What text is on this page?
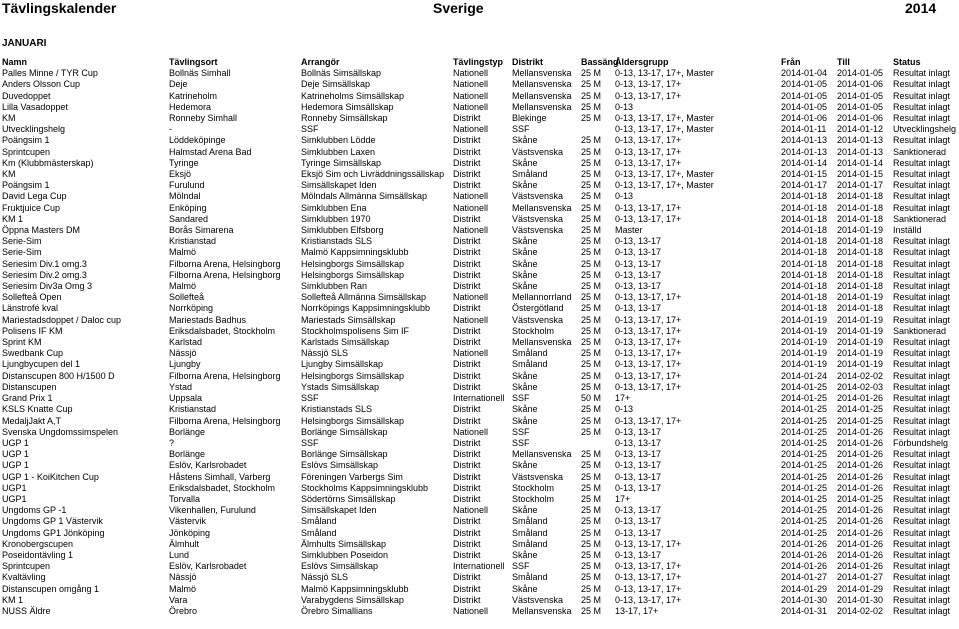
Tävlingskalender	Sverige	2014
JANUARI
Namn	Tävlingsort	Arrangör	Tävlingstyp	Distrikt	Bassäng	Åldersgrupp	Från	Till	Status
Palles Minne / TYR Cup	Bollnäs Simhall	Bollnäs Simsällskap	Nationell	Mellansvenska	25 M	0-13, 13-17, 17+, Master	2014-01-04	2014-01-05	Resultat inlagt
Anders Olsson Cup	Deje	Deje Simsällskap	Nationell	Mellansvenska	25 M	0-13, 13-17, 17+	2014-01-05	2014-01-06	Resultat inlagt
Duvedoppet	Katrineholm	Katrineholms Simsällskap	Nationell	Mellansvenska	25 M	0-13, 13-17, 17+	2014-01-05	2014-01-05	Resultat inlagt
Lilla Vasadoppet	Hedemora	Hedemora Simsällskap	Nationell	Mellansvenska	25 M	0-13	2014-01-05	2014-01-05	Resultat inlagt
KM	Ronneby Simhall	Ronneby Simsällskap	Distrikt	Blekinge	25 M	0-13, 13-17, 17+, Master	2014-01-06	2014-01-06	Resultat inlagt
Utvecklingshelg	-	SSF	Nationell	SSF		0-13, 13-17, 17+, Master	2014-01-11	2014-01-12	Utvecklingshelg
Poängsim 1	Löddeköpinge	Simklubben Lödde	Distrikt	Skåne	25 M	0-13, 13-17, 17+	2014-01-13	2014-01-13	Resultat inlagt
Sprintcupen	Halmstad Arena Bad	Simklubben Laxen	Distrikt	Västsvenska	25 M	0-13, 13-17, 17+	2014-01-13	2014-01-13	Sanktionerad
Km (Klubbmästerskap)	Tyringe	Tyringe Simsällskap	Distrikt	Skåne	25 M	0-13, 13-17, 17+	2014-01-14	2014-01-14	Resultat inlagt
KM	Eksjö	Eksjö Sim och Livräddningssällskap	Distrikt	Småland	25 M	0-13, 13-17, 17+, Master	2014-01-15	2014-01-15	Resultat inlagt
Poängsim 1	Furulund	Simsällskapet Iden	Distrikt	Skåne	25 M	0-13, 13-17, 17+, Master	2014-01-17	2014-01-17	Resultat inlagt
David Lega Cup	Mölndal	Mölndals Allmänna Simsällskap	Nationell	Västsvenska	25 M	0-13	2014-01-18	2014-01-18	Resultat inlagt
Fruktjuice Cup	Enköping	Simklubben Ena	Nationell	Mellansvenska	25 M	0-13, 13-17, 17+	2014-01-18	2014-01-18	Resultat inlagt
KM 1	Sandared	Simklubben 1970	Distrikt	Västsvenska	25 M	0-13, 13-17, 17+	2014-01-18	2014-01-18	Sanktionerad
Öppna Masters DM	Borås Simarena	Simklubben Elfsborg	Nationell	Västsvenska	25 M	Master	2014-01-18	2014-01-19	Inställd
Serie-Sim	Kristianstad	Kristianstads SLS	Distrikt	Skåne	25 M	0-13, 13-17	2014-01-18	2014-01-18	Resultat inlagt
Serie-Sim	Malmö	Malmö Kappsimningsklubb	Distrikt	Skåne	25 M	0-13, 13-17	2014-01-18	2014-01-18	Resultat inlagt
Seriesim Div.1 omg.3	Filborna Arena, Helsingborg	Helsingborgs Simsällskap	Distrikt	Skåne	25 M	0-13, 13-17	2014-01-18	2014-01-18	Resultat inlagt
Seriesim Div.2 omg.3	Filborna Arena, Helsingborg	Helsingborgs Simsällskap	Distrikt	Skåne	25 M	0-13, 13-17	2014-01-18	2014-01-18	Resultat inlagt
Seriesim Div3a Omg 3	Malmö	Simklubben Ran	Distrikt	Skåne	25 M	0-13, 13-17	2014-01-18	2014-01-18	Resultat inlagt
Sollefteå Open	Sollefteå	Sollefteå Allmänna Simsällskap	Nationell	Mellannorrland	25 M	0-13, 13-17, 17+	2014-01-18	2014-01-19	Resultat inlagt
Länstrofé kval	Norrköping	Norrköpings Kappsimningsklubb	Distrikt	Östergötland	25 M	0-13, 13-17	2014-01-18	2014-01-18	Resultat inlagt
Mariestadsdoppet / Daloc cup	Mariestads Badhus	Mariestads Simsällskap	Nationell	Västsvenska	25 M	0-13, 13-17, 17+	2014-01-19	2014-01-19	Resultat inlagt
Polisens IF KM	Eriksdalsbadet, Stockholm	Stockholmspolisens Sim IF	Distrikt	Stockholm	25 M	0-13, 13-17, 17+	2014-01-19	2014-01-19	Sanktionerad
Sprint KM	Karlstad	Karlstads Simsällskap	Distrikt	Mellansvenska	25 M	0-13, 13-17, 17+	2014-01-19	2014-01-19	Resultat inlagt
Swedbank Cup	Nässjö	Nässjö SLS	Nationell	Småland	25 M	0-13, 13-17, 17+	2014-01-19	2014-01-19	Resultat inlagt
Ljungbycupen del 1	Ljungby	Ljungby Simsällskap	Distrikt	Småland	25 M	0-13, 13-17, 17+	2014-01-19	2014-01-19	Resultat inlagt
Distanscupen 800 H/1500 D	Filborna Arena, Helsingborg	Helsingborgs Simsällskap	Distrikt	Skåne	25 M	0-13, 13-17, 17+	2014-01-24	2014-02-02	Resultat inlagt
Distanscupen	Ystad	Ystads Simsällskap	Distrikt	Skåne	25 M	0-13, 13-17, 17+	2014-01-25	2014-02-03	Resultat inlagt
Grand Prix 1	Uppsala	SSF	Internationell	SSF	50 M	17+	2014-01-25	2014-01-26	Resultat inlagt
KSLS Knatte Cup	Kristianstad	Kristianstads SLS	Distrikt	Skåne	25 M	0-13	2014-01-25	2014-01-25	Resultat inlagt
MedaljJakt A,T	Filborna Arena, Helsingborg	Helsingborgs Simsällskap	Distrikt	Skåne	25 M	0-13, 13-17, 17+	2014-01-25	2014-01-25	Resultat inlagt
Svenska Ungdomssimspelen	Borlänge	Borlänge Simsällskap	Nationell	SSF	25 M	0-13, 13-17	2014-01-25	2014-01-26	Resultat inlagt
UGP 1	?	SSF	Distrikt	SSF		0-13, 13-17	2014-01-25	2014-01-26	Förbundshelg
UGP 1	Borlänge	Borlänge Simsällskap	Distrikt	Mellansvenska	25 M	0-13, 13-17	2014-01-25	2014-01-26	Resultat inlagt
UGP 1	Eslöv, Karlsrobadet	Eslövs Simsällskap	Distrikt	Skåne	25 M	0-13, 13-17	2014-01-25	2014-01-26	Resultat inlagt
UGP 1 - KoiKitchen Cup	Håstens Simhall, Varberg	Föreningen Varbergs Sim	Distrikt	Västsvenska	25 M	0-13, 13-17	2014-01-25	2014-01-26	Resultat inlagt
UGP1	Eriksdalsbadet, Stockholm	Stockholms Kappsimningsklubb	Distrikt	Stockholm	25 M	0-13, 13-17	2014-01-25	2014-01-26	Resultat inlagt
UGP1	Torvalla	Södertörns Simsällskap	Distrikt	Stockholm	25 M	17+	2014-01-25	2014-01-25	Resultat inlagt
Ungdoms GP -1	Vikenhallen, Furulund	Simsällskapet Iden	Nationell	Skåne	25 M	0-13, 13-17	2014-01-25	2014-01-26	Resultat inlagt
Ungdoms GP 1 Västervik	Västervik	Småland	Distrikt	Småland	25 M	0-13, 13-17	2014-01-25	2014-01-26	Resultat inlagt
Ungdoms GP1 Jönköping	Jönköping	Småland	Distrikt	Småland	25 M	0-13, 13-17	2014-01-25	2014-01-26	Resultat inlagt
Kronobergscupen	Älmhult	Älmhults Simsällskap	Distrikt	Småland	25 M	0-13, 13-17, 17+	2014-01-26	2014-01-26	Resultat inlagt
Poseidontävling 1	Lund	Simklubben Poseidon	Distrikt	Skåne	25 M	0-13, 13-17	2014-01-26	2014-01-26	Resultat inlagt
Sprintcupen	Eslöv, Karlsrobadet	Eslövs Simsällskap	Internationell	SSF	25 M	0-13, 13-17, 17+	2014-01-26	2014-01-26	Resultat inlagt
Kvaltävling	Nässjö	Nässjö SLS	Distrikt	Småland	25 M	0-13, 13-17, 17+	2014-01-27	2014-01-27	Resultat inlagt
Distanscupen omgång 1	Malmö	Malmö Kappsimningsklubb	Distrikt	Skåne	25 M	0-13, 13-17, 17+	2014-01-29	2014-01-29	Resultat inlagt
KM 1	Vara	Varabygdens Simsällskap	Distrikt	Västsvenska	25 M	0-13, 13-17, 17+	2014-01-30	2014-01-30	Resultat inlagt
NUSS Äldre	Örebro	Örebro Simallians	Nationell	Mellansvenska	25 M	13-17, 17+	2014-01-31	2014-02-02	Resultat inlagt
